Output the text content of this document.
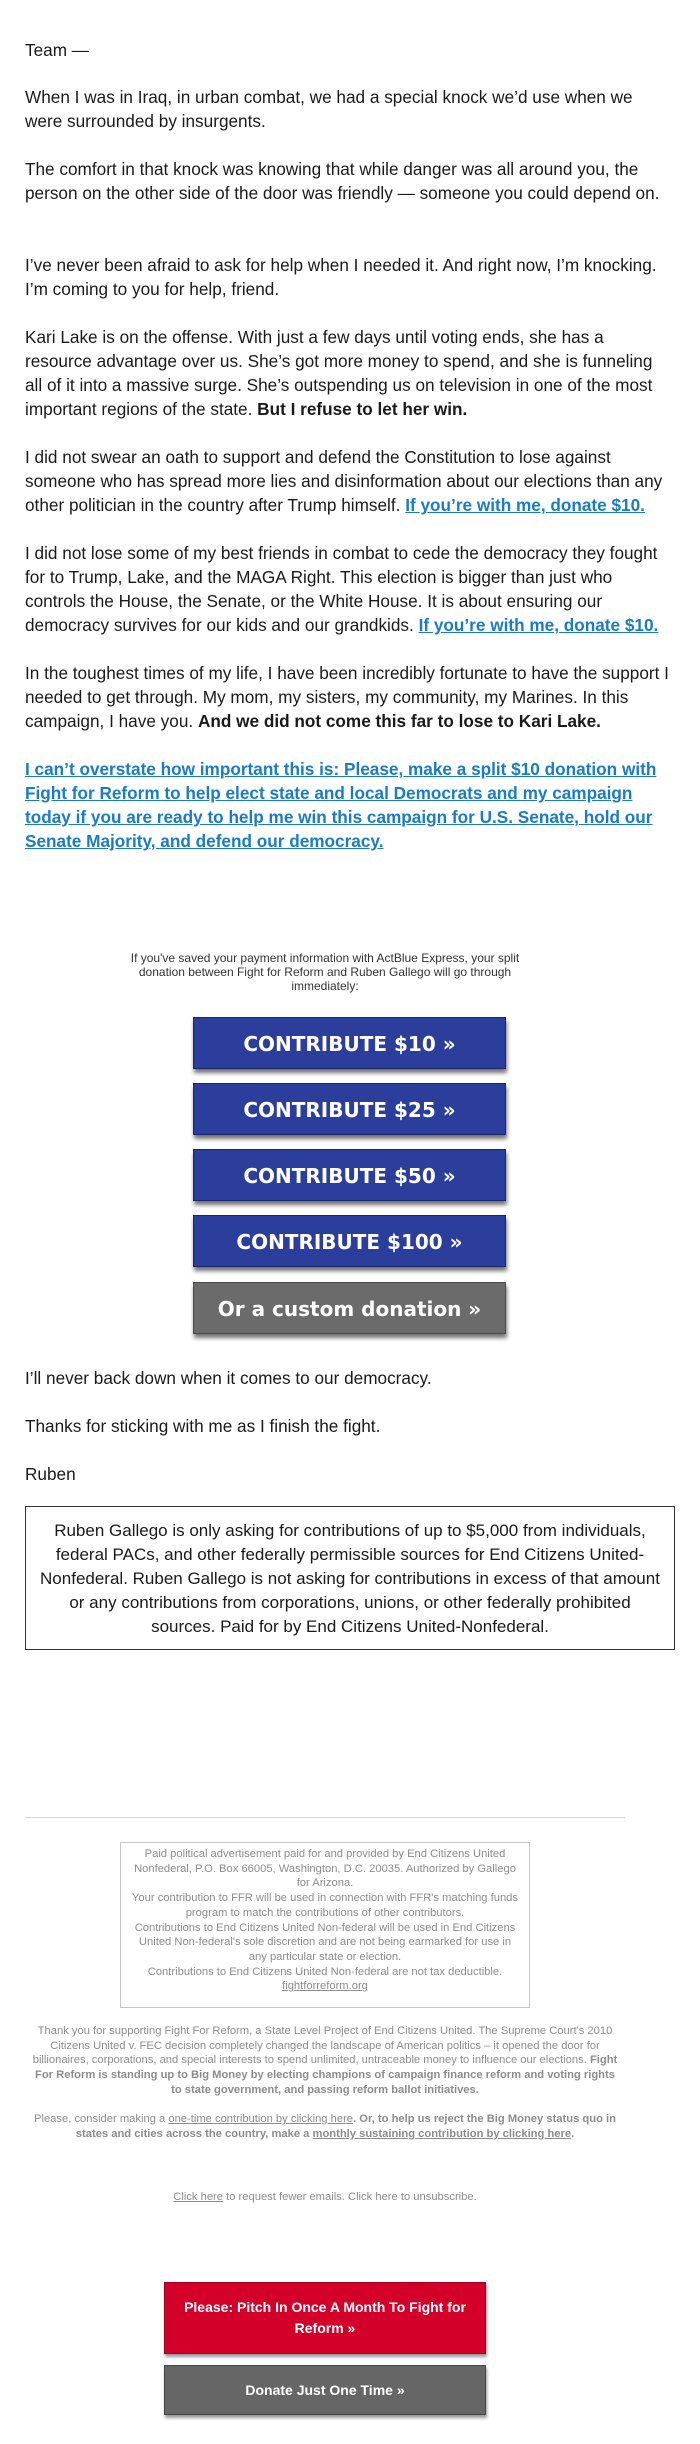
Team —

When I was in Iraq, in urban combat, we had a special knock we’d use when we were surrounded by insurgents.

The comfort in that knock was knowing that while danger was all around you, the person on the other side of the door was friendly — someone you could depend on.

I’ve never been afraid to ask for help when I needed it. And right now, I’m knocking. I’m coming to you for help, friend.

Kari Lake is on the offense. With just a few days until voting ends, she has a resource advantage over us. She’s got more money to spend, and she is funneling all of it into a massive surge. She’s outspending us on television in one of the most important regions of the state. But I refuse to let her win.

I did not swear an oath to support and defend the Constitution to lose against someone who has spread more lies and disinformation about our elections than any other politician in the country after Trump himself. If you’re with me, donate $10.

I did not lose some of my best friends in combat to cede the democracy they fought for to Trump, Lake, and the MAGA Right. This election is bigger than just who controls the House, the Senate, or the White House. It is about ensuring our democracy survives for our kids and our grandkids. If you’re with me, donate $10.

In the toughest times of my life, I have been incredibly fortunate to have the support I needed to get through. My mom, my sisters, my community, my Marines. In this campaign, I have you. And we did not come this far to lose to Kari Lake.

I can’t overstate how important this is: Please, make a split $10 donation with Fight for Reform to help elect state and local Democrats and my campaign today if you are ready to help me win this campaign for U.S. Senate, hold our Senate Majority, and defend our democracy.
If you've saved your payment information with ActBlue Express, your split donation between Fight for Reform and Ruben Gallego will go through immediately:
CONTRIBUTE $10 »
CONTRIBUTE $25 »
CONTRIBUTE $50 »
CONTRIBUTE $100 »
Or a custom donation »

I’ll never back down when it comes to our democracy.

Thanks for sticking with me as I finish the fight.

Ruben

Ruben Gallego is only asking for contributions of up to $5,000 from individuals, federal PACs, and other federally permissible sources for End Citizens United-Nonfederal. Ruben Gallego is not asking for contributions in excess of that amount or any contributions from corporations, unions, or other federally prohibited sources. Paid for by End Citizens United-Nonfederal.
Paid political advertisement paid for and provided by End Citizens United Nonfederal, P.O. Box 66005, Washington, D.C. 20035. Authorized by Gallego for Arizona.
Your contribution to FFR will be used in connection with FFR's matching funds program to match the contributions of other contributors.
Contributions to End Citizens United Non-federal will be used in End Citizens United Non-federal's sole discretion and are not being earmarked for use in any particular state or election.
Contributions to End Citizens United Non-federal are not tax deductible.
fightforreform.org
Thank you for supporting Fight For Reform, a State Level Project of End Citizens United. The Supreme Court's 2010 Citizens United v. FEC decision completely changed the landscape of American politics – it opened the door for billionaires, corporations, and special interests to spend unlimited, untraceable money to influence our elections. Fight For Reform is standing up to Big Money by electing champions of campaign finance reform and voting rights to state government, and passing reform ballot initiatives.
Please, consider making a one-time contribution by clicking here. Or, to help us reject the Big Money status quo in states and cities across the country, make a monthly sustaining contribution by clicking here.
Click here to request fewer emails. Click here to unsubscribe.
Please: Pitch In Once A Month To Fight for Reform »
Donate Just One Time »
